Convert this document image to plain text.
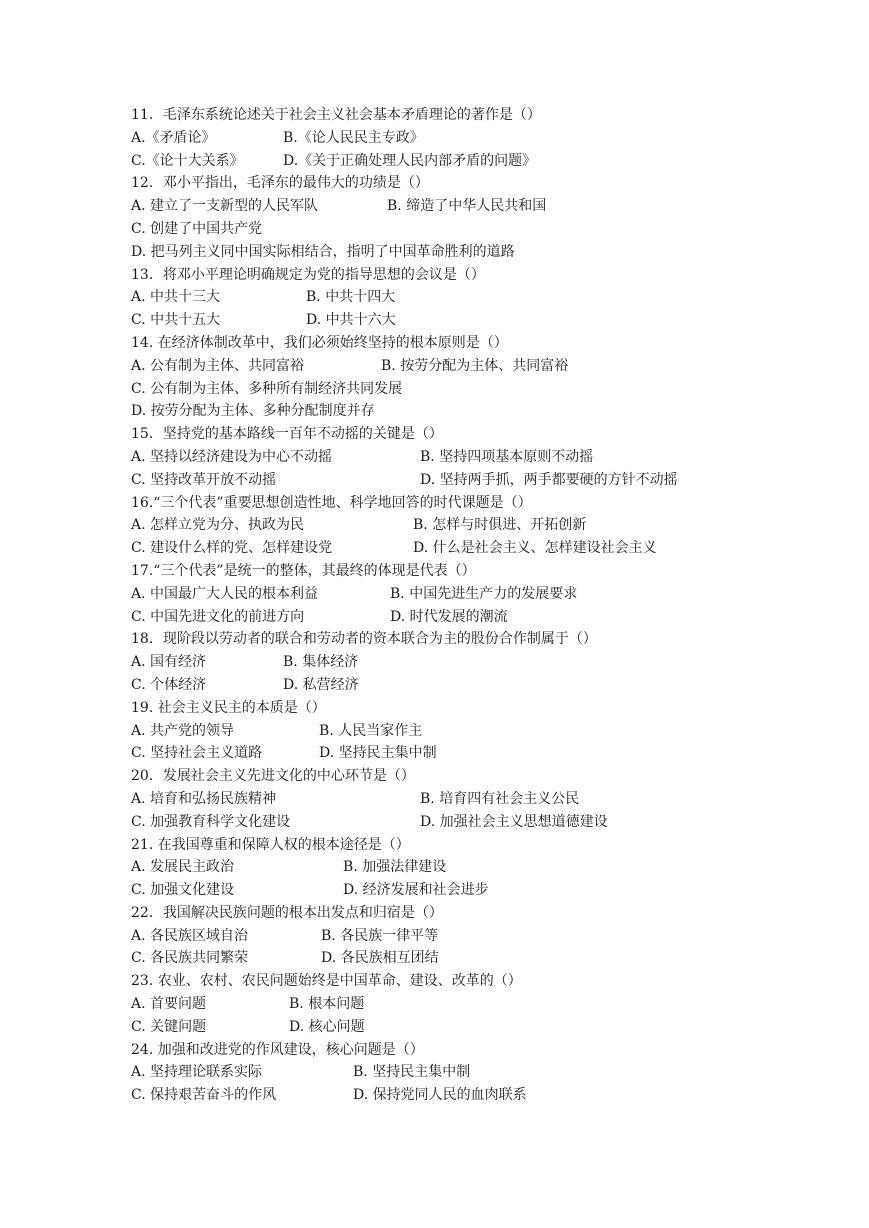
11．毛泽东系统论述关于社会主义社会基本矛盾理论的著作是（）
A.《矛盾论》	B.《论人民民主专政》
C.《论十大关系》	D.《关于正确处理人民内部矛盾的问题》
12．邓小平指出，毛泽东的最伟大的功绩是（）
A. 建立了一支新型的人民军队	B. 缔造了中华人民共和国
C. 创建了中国共产党
D. 把马列主义同中国实际相结合，指明了中国革命胜利的道路
13．将邓小平理论明确规定为党的指导思想的会议是（）
A. 中共十三大	B. 中共十四大
C. 中共十五大	D. 中共十六大
14. 在经济体制改革中，我们必须始终坚持的根本原则是（）
A. 公有制为主体、共同富裕	B. 按劳分配为主体、共同富裕
C. 公有制为主体、多种所有制经济共同发展
D. 按劳分配为主体、多种分配制度并存
15．坚持党的基本路线一百年不动摇的关键是（）
A. 坚持以经济建设为中心不动摇	B. 坚持四项基本原则不动摇
C. 坚持改革开放不动摇	D. 坚持两手抓，两手都要硬的方针不动摇
16.“三个代表”重要思想创造性地、科学地回答的时代课题是（）
A. 怎样立党为分、执政为民	B. 怎样与时俱进、开拓创新
C. 建设什么样的党、怎样建设党	D. 什么是社会主义、怎样建设社会主义
17.“三个代表”是统一的整体，其最终的体现是代表（）
A. 中国最广大人民的根本利益	B. 中国先进生产力的发展要求
C. 中国先进文化的前进方向	D. 时代发展的潮流
18．现阶段以劳动者的联合和劳动者的资本联合为主的股份合作制属于（）
A. 国有经济	B. 集体经济
C. 个体经济	D. 私营经济
19. 社会主义民主的本质是（）
A. 共产党的领导	B. 人民当家作主
C. 坚持社会主义道路	D. 坚持民主集中制
20．发展社会主义先进文化的中心环节是（）
A. 培育和弘扬民族精神	B. 培育四有社会主义公民
C. 加强教育科学文化建设	D. 加强社会主义思想道德建设
21. 在我国尊重和保障人权的根本途径是（）
A. 发展民主政治	B. 加强法律建设
C. 加强文化建设	D. 经济发展和社会进步
22．我国解决民族问题的根本出发点和归宿是（）
A. 各民族区域自治	B. 各民族一律平等
C. 各民族共同繁荣	D. 各民族相互团结
23. 农业、农村、农民问题始终是中国革命、建设、改革的（）
A. 首要问题	B. 根本问题
C. 关键问题	D. 核心问题
24. 加强和改进党的作风建设，核心问题是（）
A. 坚持理论联系实际	B. 坚持民主集中制
C. 保持艰苦奋斗的作风	D. 保持党同人民的血肉联系
